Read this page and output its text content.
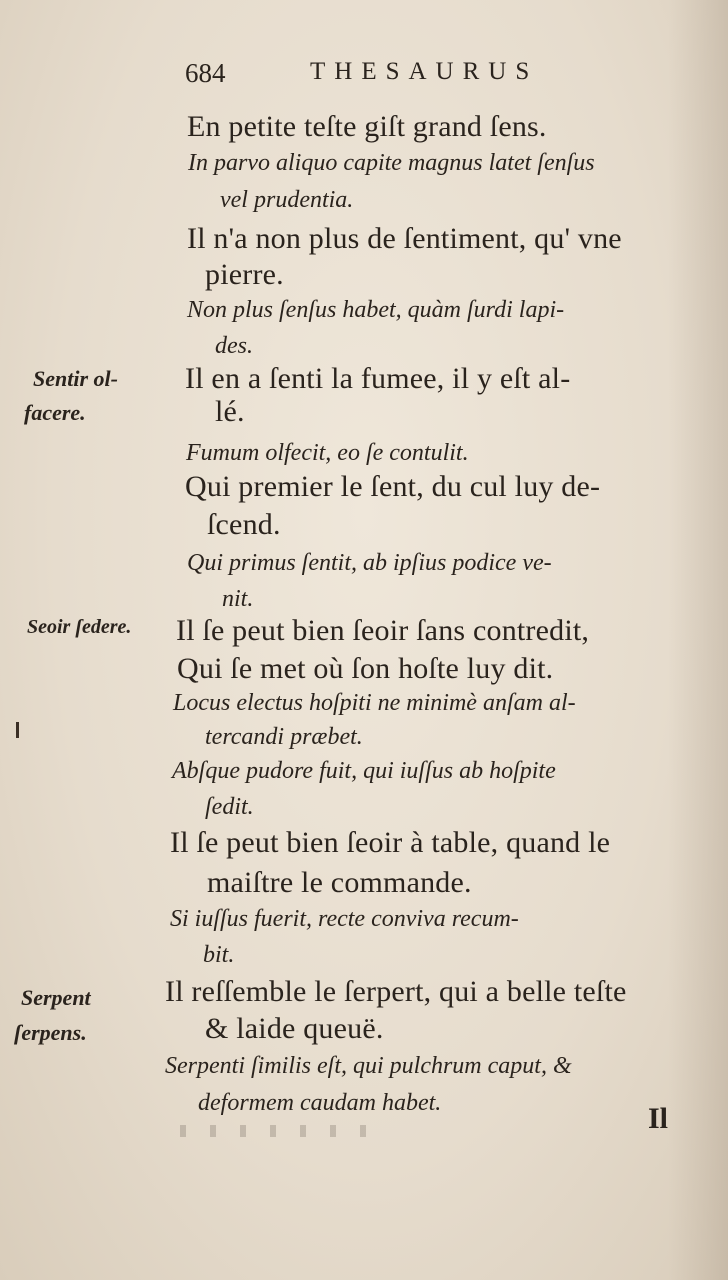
684	THESAURUS
En petite teſte giſt grand ſens.
In parvo aliquo capite magnus latet ſenſus
vel prudentia.
Il n'a non plus de ſentiment, qu' vne
pierre.
Non plus ſenſus habet, quàm ſurdi lapi-
des.
Il en a ſenti la fumee, il y eſt al-
lé.
Fumum olfecit, eo ſe contulit.
Qui premier le ſent, du cul luy de-
ſcend.
Qui primus ſentit, ab ipſius podice ve-
nit.
Il ſe peut bien ſeoir ſans contredit,
Qui ſe met où ſon hoſte luy dit.
Locus electus hoſpiti ne minimè anſam al-
tercandi præbet.
Abſque pudore fuit, qui iuſſus ab hoſpite
ſedit.
Il ſe peut bien ſeoir à table, quand le
maiſtre le commande.
Si iuſſus fuerit, recte conviva recum-
bit.
Il reſſemble le ſerpert, qui a belle teſte
& laide queuë.
Serpenti ſimilis eſt, qui pulchrum caput, &
deformem caudam habet.
Sentir ol-
facere.
Seoir ſedere.
Serpent
ſerpens.
Il
